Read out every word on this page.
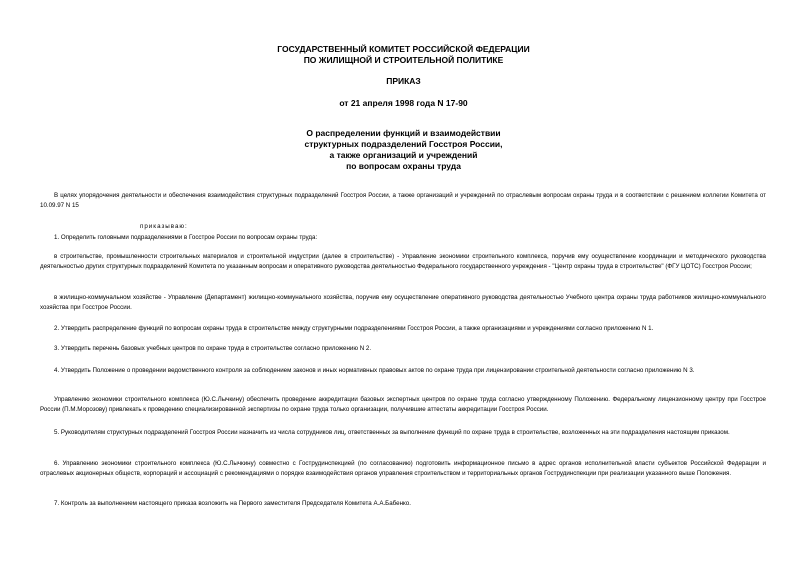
ГОСУДАРСТВЕННЫЙ КОМИТЕТ РОССИЙСКОЙ ФЕДЕРАЦИИ
ПО ЖИЛИЩНОЙ И СТРОИТЕЛЬНОЙ ПОЛИТИКЕ
ПРИКАЗ
от 21 апреля 1998 года N 17-90
О распределении функций и взаимодействии
структурных подразделений Госстроя России,
а также организаций и учреждений
по вопросам охраны труда
В целях упорядочения деятельности и обеспечения взаимодействия структурных подразделений Госстроя России, а также организаций и учреждений по отраслевым вопросам охраны труда и в соответствии с решением коллегии Комитета от 10.09.97 N 15
приказываю:
1. Определить головными подразделениями в Госстрое России по вопросам охраны труда:
в строительстве, промышленности строительных материалов и строительной индустрии (далее в строительстве) - Управление экономики строительного комплекса, поручив ему осуществление координации и методического руководства деятельностью других структурных подразделений Комитета по указанным вопросам и оперативного руководства деятельностью Федерального государственного учреждения - "Центр охраны труда в строительстве" (ФГУ ЦОТС) Госстроя России;
в жилищно-коммунальном хозяйстве - Управление (Департамент) жилищно-коммунального хозяйства, поручив ему осуществление оперативного руководства деятельностью Учебного центра охраны труда работников жилищно-коммунального хозяйства при Госстрое России.
2. Утвердить распределение функций по вопросам охраны труда в строительстве между структурными подразделениями Госстроя России, а также организациями и учреждениями согласно приложению N 1.
3. Утвердить перечень базовых учебных центров по охране труда в строительстве согласно приложению N 2.
4. Утвердить Положение о проведении ведомственного контроля за соблюдением законов и иных нормативных правовых актов по охране труда при лицензировании строительной деятельности согласно приложению N 3.
Управлению экономики строительного комплекса (Ю.С.Лычкину) обеспечить проведение аккредитации базовых экспертных центров по охране труда согласно утвержденному Положению. Федеральному лицензионному центру при Госстрое России (П.М.Морозову) привлекать к проведению специализированной экспертизы по охране труда только организации, получившие аттестаты аккредитации Госстроя России.
5. Руководителям структурных подразделений Госстроя России назначить из числа сотрудников лиц, ответственных за выполнение функций по охране труда в строительстве, возложенных на эти подразделения настоящим приказом.
6. Управлению экономики строительного комплекса (Ю.С.Лычкину) совместно с Гострудинспекцией (по согласованию) подготовить информационное письмо в адрес органов исполнительной власти субъектов Российской Федерации и отраслевых акционерных обществ, корпораций и ассоциаций с рекомендациями о порядке взаимодействия органов управления строительством и территориальных органов Гострудинспекции при реализации указанного выше Положения.
7. Контроль за выполнением настоящего приказа возложить на Первого заместителя Председателя Комитета А.А.Бабенко.
